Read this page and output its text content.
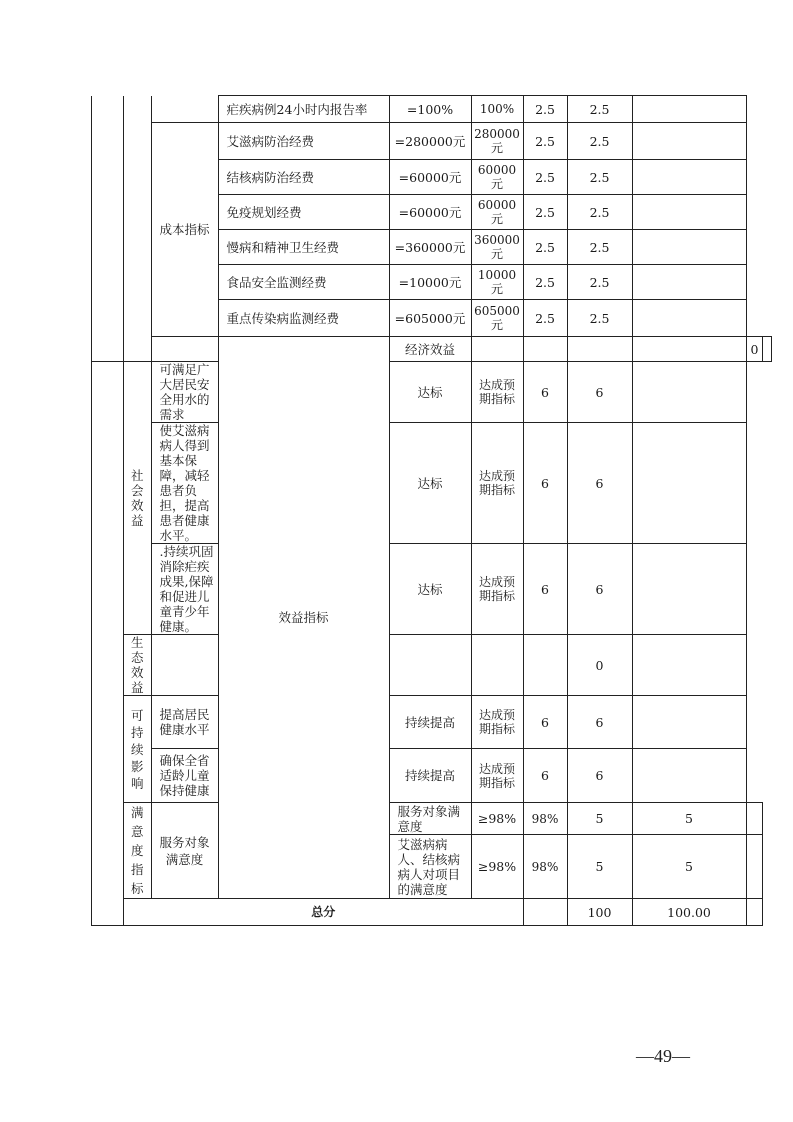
			疟疾病例24小时内报告率	=100%	100%	2.5	2.5			
		成本指标	艾滋病防治经费	=280000元	280000元	2.5	2.5			
			结核病防治经费	=60000元	60000元	2.5	2.5			
			免疫规划经费	=60000元	60000元	2.5	2.5			
			慢病和精神卫生经费	=360000元	360000元	2.5	2.5			
			食品安全监测经费	=10000元	10000元	2.5	2.5			
			重点传染病监测经费	=605000元	605000元	2.5	2.5			
			效益指标	经济效益					0	
	社会效益	可满足广大居民安全用水的需求		达标	达成预期指标	6	6			
		使艾滋病病人得到基本保障，减轻患者负担，提高患者健康水平。		达标	达成预期指标	6	6			
		.持续巩固消除疟疾成果,保障和促进儿童青少年健康。		达标	达成预期指标	6	6			
	生态效益						0			
	可持续影响	提高居民健康水平		持续提高	达成预期指标	6	6			
		确保全省适龄儿童保持健康		持续提高	达成预期指标	6	6			
	满意度指标	服务对象满意度		服务对象满意度	≥98%	98%	5	5		
				艾滋病病人、结核病病人对项目的满意度	≥98%	98%	5	5		
	总分						100	100.00		
—49—
